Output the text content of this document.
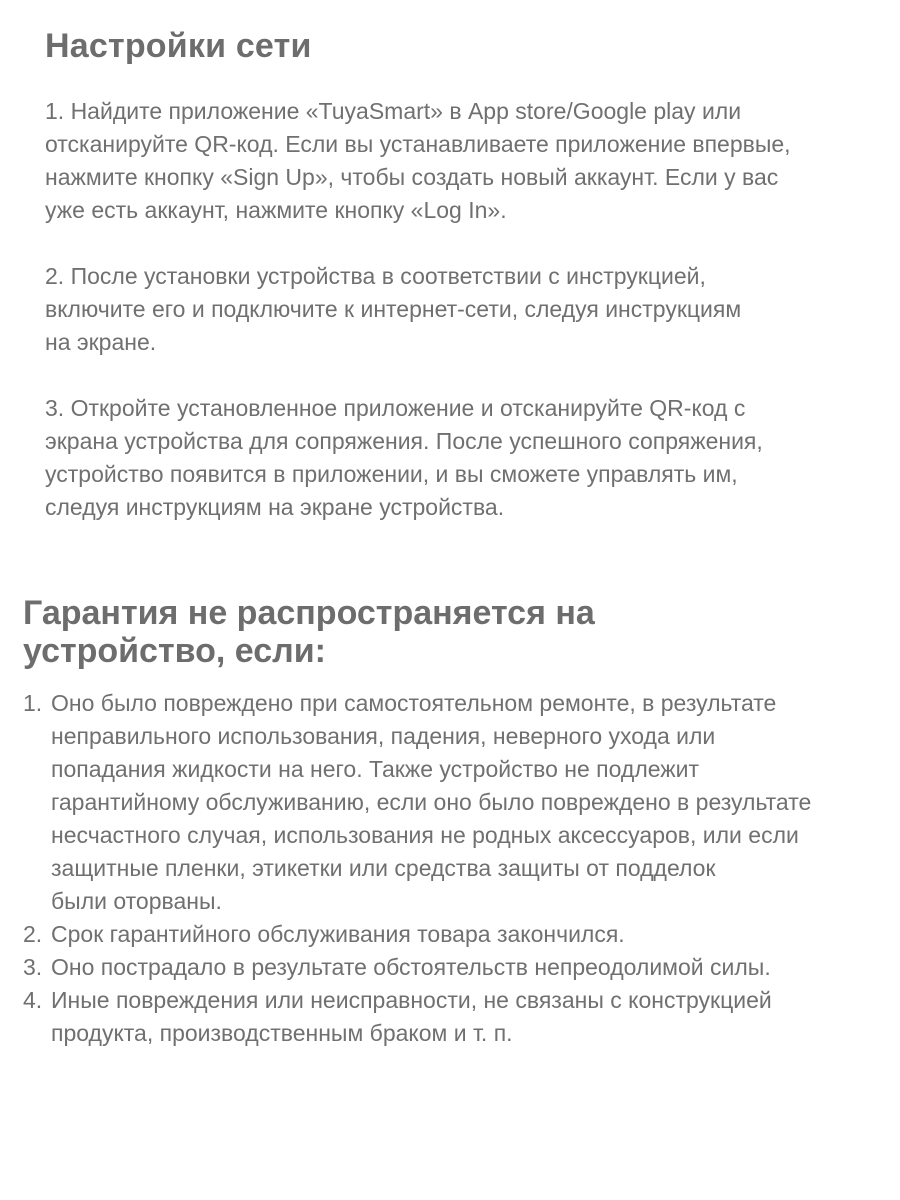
Настройки сети
1. Найдите приложение «TuyaSmart» в App store/Google play или
отсканируйте QR-код. Если вы устанавливаете приложение впервые,
нажмите кнопку «Sign Up», чтобы создать новый аккаунт. Если у вас
уже есть аккаунт, нажмите кнопку «Log In».
2. После установки устройства в соответствии с инструкцией,
включите его и подключите к интернет-сети, следуя инструкциям
на экране.
3. Откройте установленное приложение и отсканируйте QR-код с
экрана устройства для сопряжения. После успешного сопряжения,
устройство появится в приложении, и вы сможете управлять им,
следуя инструкциям на экране устройства.
Гарантия не распространяется на
устройство, если:
1. Оно было повреждено при самостоятельном ремонте, в результате
неправильного использования, падения, неверного ухода или
попадания жидкости на него. Также устройство не подлежит
гарантийному обслуживанию, если оно было повреждено в результате
несчастного случая, использования не родных аксессуаров, или если
защитные пленки, этикетки или средства защиты от подделок
были оторваны.
2. Срок гарантийного обслуживания товара закончился.
3. Оно пострадало в результате обстоятельств непреодолимой силы.
4. Иные повреждения или неисправности, не связаны с конструкцией
продукта, производственным браком и т. п.
